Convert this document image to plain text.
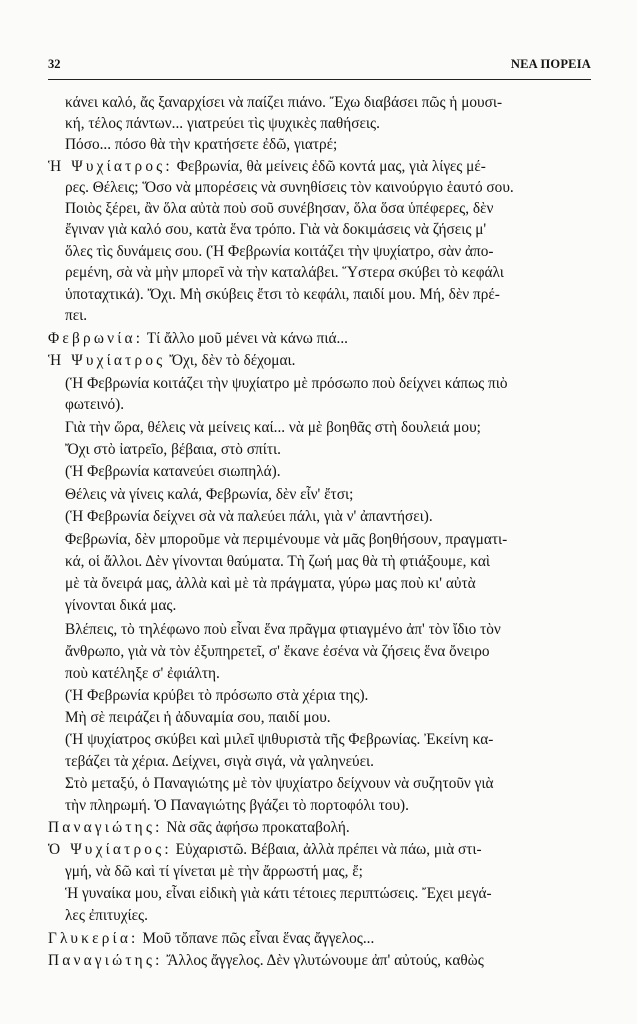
32	ΝΕΑ ΠΟΡΕΙΑ
κάνει καλό, ἄς ξαναρχίσει νὰ παίζει πιάνο. Ἔχω διαβάσει πῶς ἡ μουσι-
κή, τέλος πάντων... γιατρεύει τὶς ψυχικὲς παθήσεις.
Πόσο... πόσο θὰ τὴν κρατήσετε ἐδῶ, γιατρέ;
Ἡ Ψυχίατρος: Φεβρωνία, θὰ μείνεις ἐδῶ κοντά μας, γιὰ λίγες μέ-
ρες. Θέλεις; Ὅσο νὰ μπορέσεις νὰ συνηθίσεις τὸν καινούργιο ἑαυτό σου.
Ποιὸς ξέρει, ἂν ὅλα αὐτὰ ποὺ σοῦ συνέβησαν, ὅλα ὅσα ὑπέφερες, δὲν
ἔγιναν γιὰ καλό σου, κατὰ ἕνα τρόπο. Γιὰ νὰ δοκιμάσεις νὰ ζήσεις μ'
ὅλες τὶς δυνάμεις σου. (Ἡ Φεβρωνία κοιτάζει τὴν ψυχίατρο, σὰν ἀπο-
ρεμένη, σὰ νὰ μὴν μπορεῖ νὰ τὴν καταλάβει. Ὕστερα σκύβει τὸ κεφάλι
ὑποταχτικά). Ὄχι. Μὴ σκύβεις ἔτσι τὸ κεφάλι, παιδί μου. Μή, δὲν πρέ-
πει.
Φεβρωνία: Τί ἄλλο μοῦ μένει νὰ κάνω πιά...
Ἡ Ψυχίατρος Ὄχι, δὲν τὸ δέχομαι.
(Ἡ Φεβρωνία κοιτάζει τὴν ψυχίατρο μὲ πρόσωπο ποὺ δείχνει κάπως πιὸ
φωτεινό).
Γιὰ τὴν ὥρα, θέλεις νὰ μείνεις καί... νὰ μὲ βοηθᾶς στὴ δουλειά μου;
Ὄχι στὸ ἰατρεῖο, βέβαια, στὸ σπίτι.
(Ἡ Φεβρωνία κατανεύει σιωπηλά).
Θέλεις νὰ γίνεις καλά, Φεβρωνία, δὲν εἶν' ἔτσι;
(Ἡ Φεβρωνία δείχνει σὰ νὰ παλεύει πάλι, γιὰ ν' ἀπαντήσει).
Φεβρωνία, δὲν μποροῦμε νὰ περιμένουμε νὰ μᾶς βοηθήσουν, πραγματι-
κά, οἱ ἄλλοι. Δὲν γίνονται θαύματα. Τὴ ζωή μας θὰ τὴ φτιάξουμε, καὶ
μὲ τὰ ὄνειρά μας, ἀλλὰ καὶ μὲ τὰ πράγματα, γύρω μας ποὺ κι' αὐτὰ
γίνονται δικά μας.
Βλέπεις, τὸ τηλέφωνο ποὺ εἶναι ἕνα πρᾶγμα φτιαγμένο ἀπ' τὸν ἴδιο τὸν
ἄνθρωπο, γιὰ νὰ τὸν ἐξυπηρετεῖ, σ' ἔκανε ἐσένα νὰ ζήσεις ἕνα ὄνειρο
ποὺ κατέληξε σ' ἐφιάλτη.
(Ἡ Φεβρωνία κρύβει τὸ πρόσωπο στὰ χέρια της).
Μὴ σὲ πειράζει ἡ ἀδυναμία σου, παιδί μου.
(Ἡ ψυχίατρος σκύβει καὶ μιλεῖ ψιθυριστὰ τῆς Φεβρωνίας. Ἐκείνη κα-
τεβάζει τὰ χέρια. Δείχνει, σιγὰ σιγά, νὰ γαληνεύει.
Στὸ μεταξύ, ὁ Παναγιώτης μὲ τὸν ψυχίατρο δείχνουν νὰ συζητοῦν γιὰ
τὴν πληρωμή. Ὁ Παναγιώτης βγάζει τὸ πορτοφόλι του).
Παναγιώτης: Νὰ σᾶς ἀφήσω προκαταβολή.
Ὁ Ψυχίατρος: Εὐχαριστῶ. Βέβαια, ἀλλὰ πρέπει νὰ πάω, μιὰ στι-
γμή, νὰ δῶ καὶ τί γίνεται μὲ τὴν ἄρρωστή μας, ἔ;
Ἡ γυναίκα μου, εἶναι εἰδικὴ γιὰ κάτι τέτοιες περιπτώσεις. Ἔχει μεγά-
λες ἐπιτυχίες.
Γλυκερία: Μοῦ τὄπανε πῶς εἶναι ἕνας ἄγγελος...
Παναγιώτης: Ἄλλος ἄγγελος. Δὲν γλυτώνουμε ἀπ' αὐτούς, καθὼς
